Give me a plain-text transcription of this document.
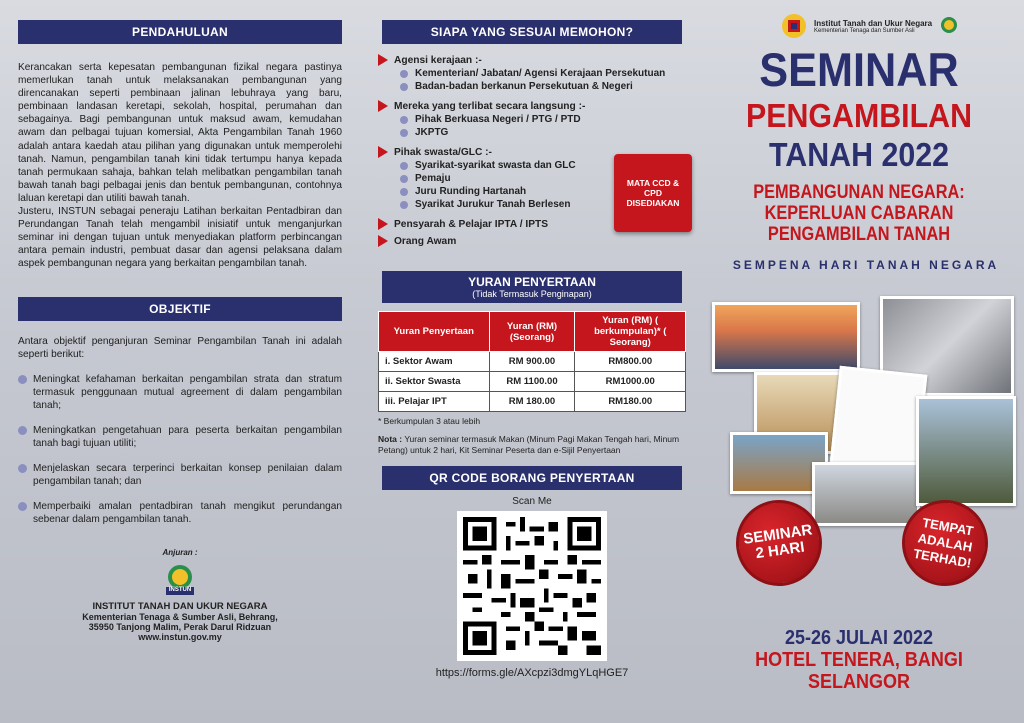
PENDAHULUAN

Kerancakan serta kepesatan pembangunan fizikal negara pastinya memerlukan tanah untuk melaksanakan pembangunan yang direncanakan seperti pembinaan jalinan lebuhraya yang baru, pembinaan landasan keretapi, sekolah, hospital, perumahan dan sebagainya. Bagi pembangunan untuk maksud awam, kemudahan awam dan pelbagai tujuan komersial, Akta Pengambilan Tanah 1960 adalah antara kaedah atau pilihan yang digunakan untuk memperolehi tanah. Namun, pengambilan tanah kini tidak tertumpu hanya kepada tanah permukaan sahaja, bahkan telah melibatkan pengambilan tanah bawah tanah bagi pelbagai jenis dan bentuk pembangunan, contohnya laluan keretapi dan utiliti bawah tanah.

Justeru, INSTUN sebagai peneraju Latihan berkaitan Pentadbiran dan Perundangan Tanah telah mengambil inisiatif untuk menganjurkan seminar ini dengan tujuan untuk menyediakan platform perbincangan antara pemain industri, pembuat dasar dan agensi pelaksana dalam aspek pembangunan negara yang berkaitan pengambilan tanah.

OBJEKTIF

Antara objektif penganjuran Seminar Pengambilan Tanah ini adalah seperti berikut:

Meningkat kefahaman berkaitan pengambilan strata dan stratum termasuk penggunaan mutual agreement di dalam pengambilan tanah;
Meningkatkan pengetahuan para peserta berkaitan pengambilan tanah bagi tujuan utiliti;
Menjelaskan secara terperinci berkaitan konsep penilaian dalam pengambilan tanah; dan
Memperbaiki amalan pentadbiran tanah mengikut perundangan sebenar dalam pengambilan tanah.
Anjuran :
INSTUN
INSTITUT TANAH DAN UKUR NEGARA
Kementerian Tenaga & Sumber Asli, Behrang,
35950 Tanjong Malim, Perak Darul Ridzuan
www.instun.gov.my
SIAPA YANG SESUAI MEMOHON?
Agensi kerajaan :-
Kementerian/ Jabatan/ Agensi Kerajaan Persekutuan
Badan-badan berkanun Persekutuan & Negeri
Mereka yang terlibat secara langsung :-
Pihak Berkuasa Negeri / PTG / PTD
JKPTG
Pihak swasta/GLC :-
Syarikat-syarikat swasta dan GLC
Pemaju
Juru Runding Hartanah
Syarikat Jurukur Tanah Berlesen
Pensyarah & Pelajar IPTA / IPTS
Orang Awam
MATA CCD & CPD DISEDIAKAN
YURAN PENYERTAAN
(Tidak Termasuk Penginapan)
Yuran Penyertaan	Yuran (RM) (Seorang)	Yuran (RM) ( berkumpulan)* ( Seorang)
i. Sektor Awam	RM 900.00	RM800.00
ii. Sektor Swasta	RM 1100.00	RM1000.00
iii. Pelajar IPT	RM 180.00	RM180.00
* Berkumpulan 3 atau lebih
Nota : Yuran seminar termasuk Makan (Minum Pagi Makan Tengah hari, Minum Petang) untuk 2 hari, Kit Seminar Peserta dan e-Sijil Penyertaan
QR CODE BORANG PENYERTAAN
Scan Me
https://forms.gle/AXcpzi3dmgYLqHGE7
Institut Tanah dan Ukur Negara
Kementerian Tenaga dan Sumber Asli
SEMINAR
PENGAMBILAN
TANAH 2022
PEMBANGUNAN NEGARA:
KEPERLUAN CABARAN
PENGAMBILAN TANAH
SEMPENA HARI TANAH NEGARA
SEMINAR 2 HARI
TEMPAT ADALAH TERHAD!
25-26 JULAI 2022
HOTEL TENERA, BANGI
SELANGOR
